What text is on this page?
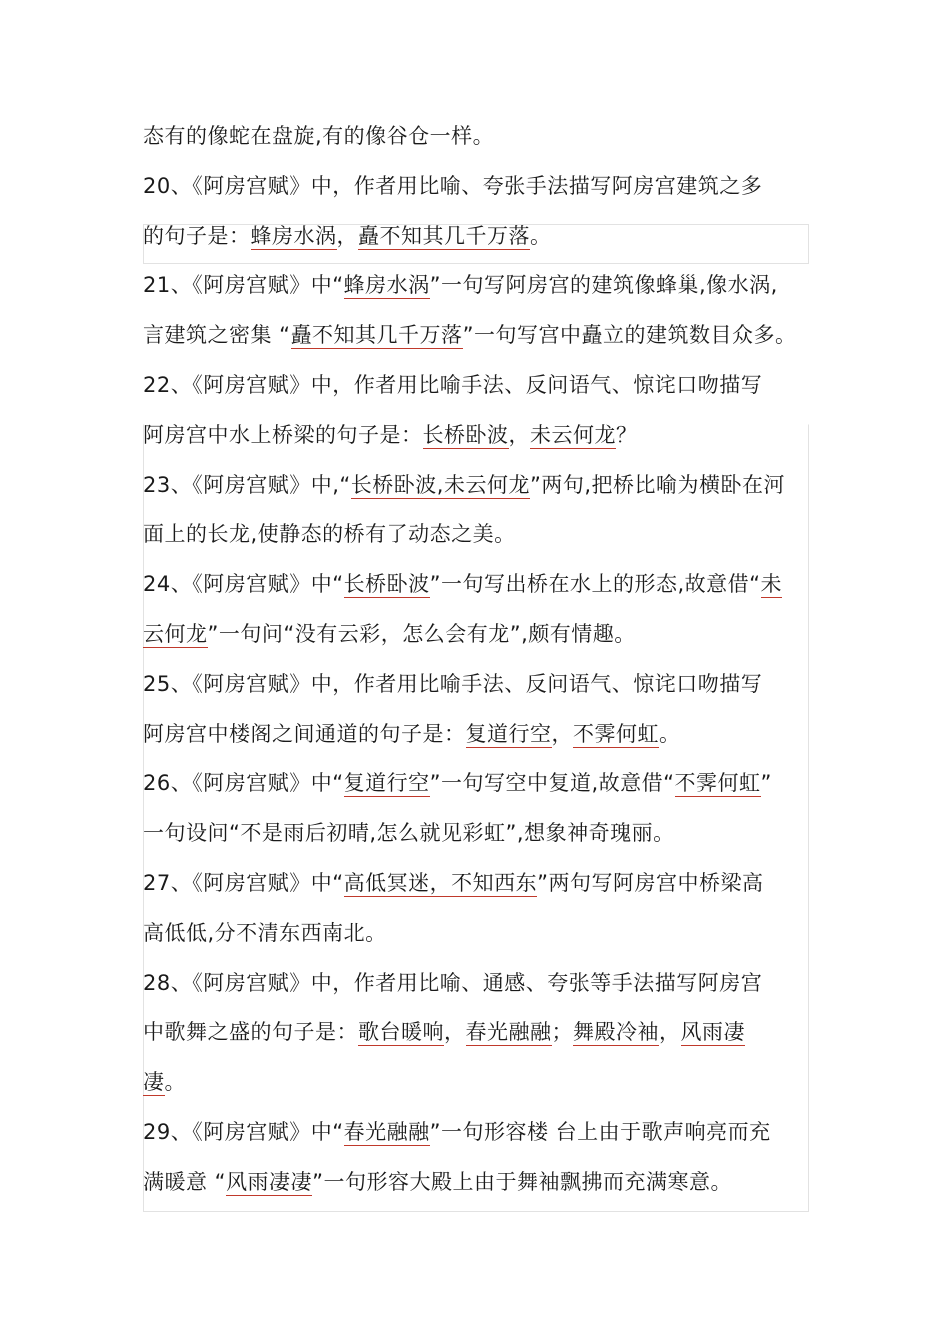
态有的像蛇在盘旋,有的像谷仓一样。
20、《阿房宫赋》中，作者用比喻、夸张手法描写阿房宫建筑之多
的句子是：蜂房水涡，矗不知其几千万落。
21、《阿房宫赋》中“蜂房水涡”一句写阿房宫的建筑像蜂巢,像水涡,
言建筑之密集 “矗不知其几千万落”一句写宫中矗立的建筑数目众多。
22、《阿房宫赋》中，作者用比喻手法、反问语气、惊诧口吻描写
阿房宫中水上桥梁的句子是：长桥卧波，未云何龙？
23、《阿房宫赋》中,“长桥卧波,未云何龙”两句,把桥比喻为横卧在河
面上的长龙,使静态的桥有了动态之美。
24、《阿房宫赋》中“长桥卧波”一句写出桥在水上的形态,故意借“未
云何龙”一句问“没有云彩，怎么会有龙”,颇有情趣。
25、《阿房宫赋》中，作者用比喻手法、反问语气、惊诧口吻描写
阿房宫中楼阁之间通道的句子是：复道行空，不霁何虹。
26、《阿房宫赋》中“复道行空”一句写空中复道,故意借“不霁何虹”
一句设问“不是雨后初晴,怎么就见彩虹”,想象神奇瑰丽。
27、《阿房宫赋》中“高低冥迷，不知西东”两句写阿房宫中桥梁高
高低低,分不清东西南北。
28、《阿房宫赋》中，作者用比喻、通感、夸张等手法描写阿房宫
中歌舞之盛的句子是：歌台暖响，春光融融；舞殿冷袖，风雨凄
凄。
29、《阿房宫赋》中“春光融融”一句形容楼 台上由于歌声响亮而充
满暖意 “风雨凄凄”一句形容大殿上由于舞袖飘拂而充满寒意。
